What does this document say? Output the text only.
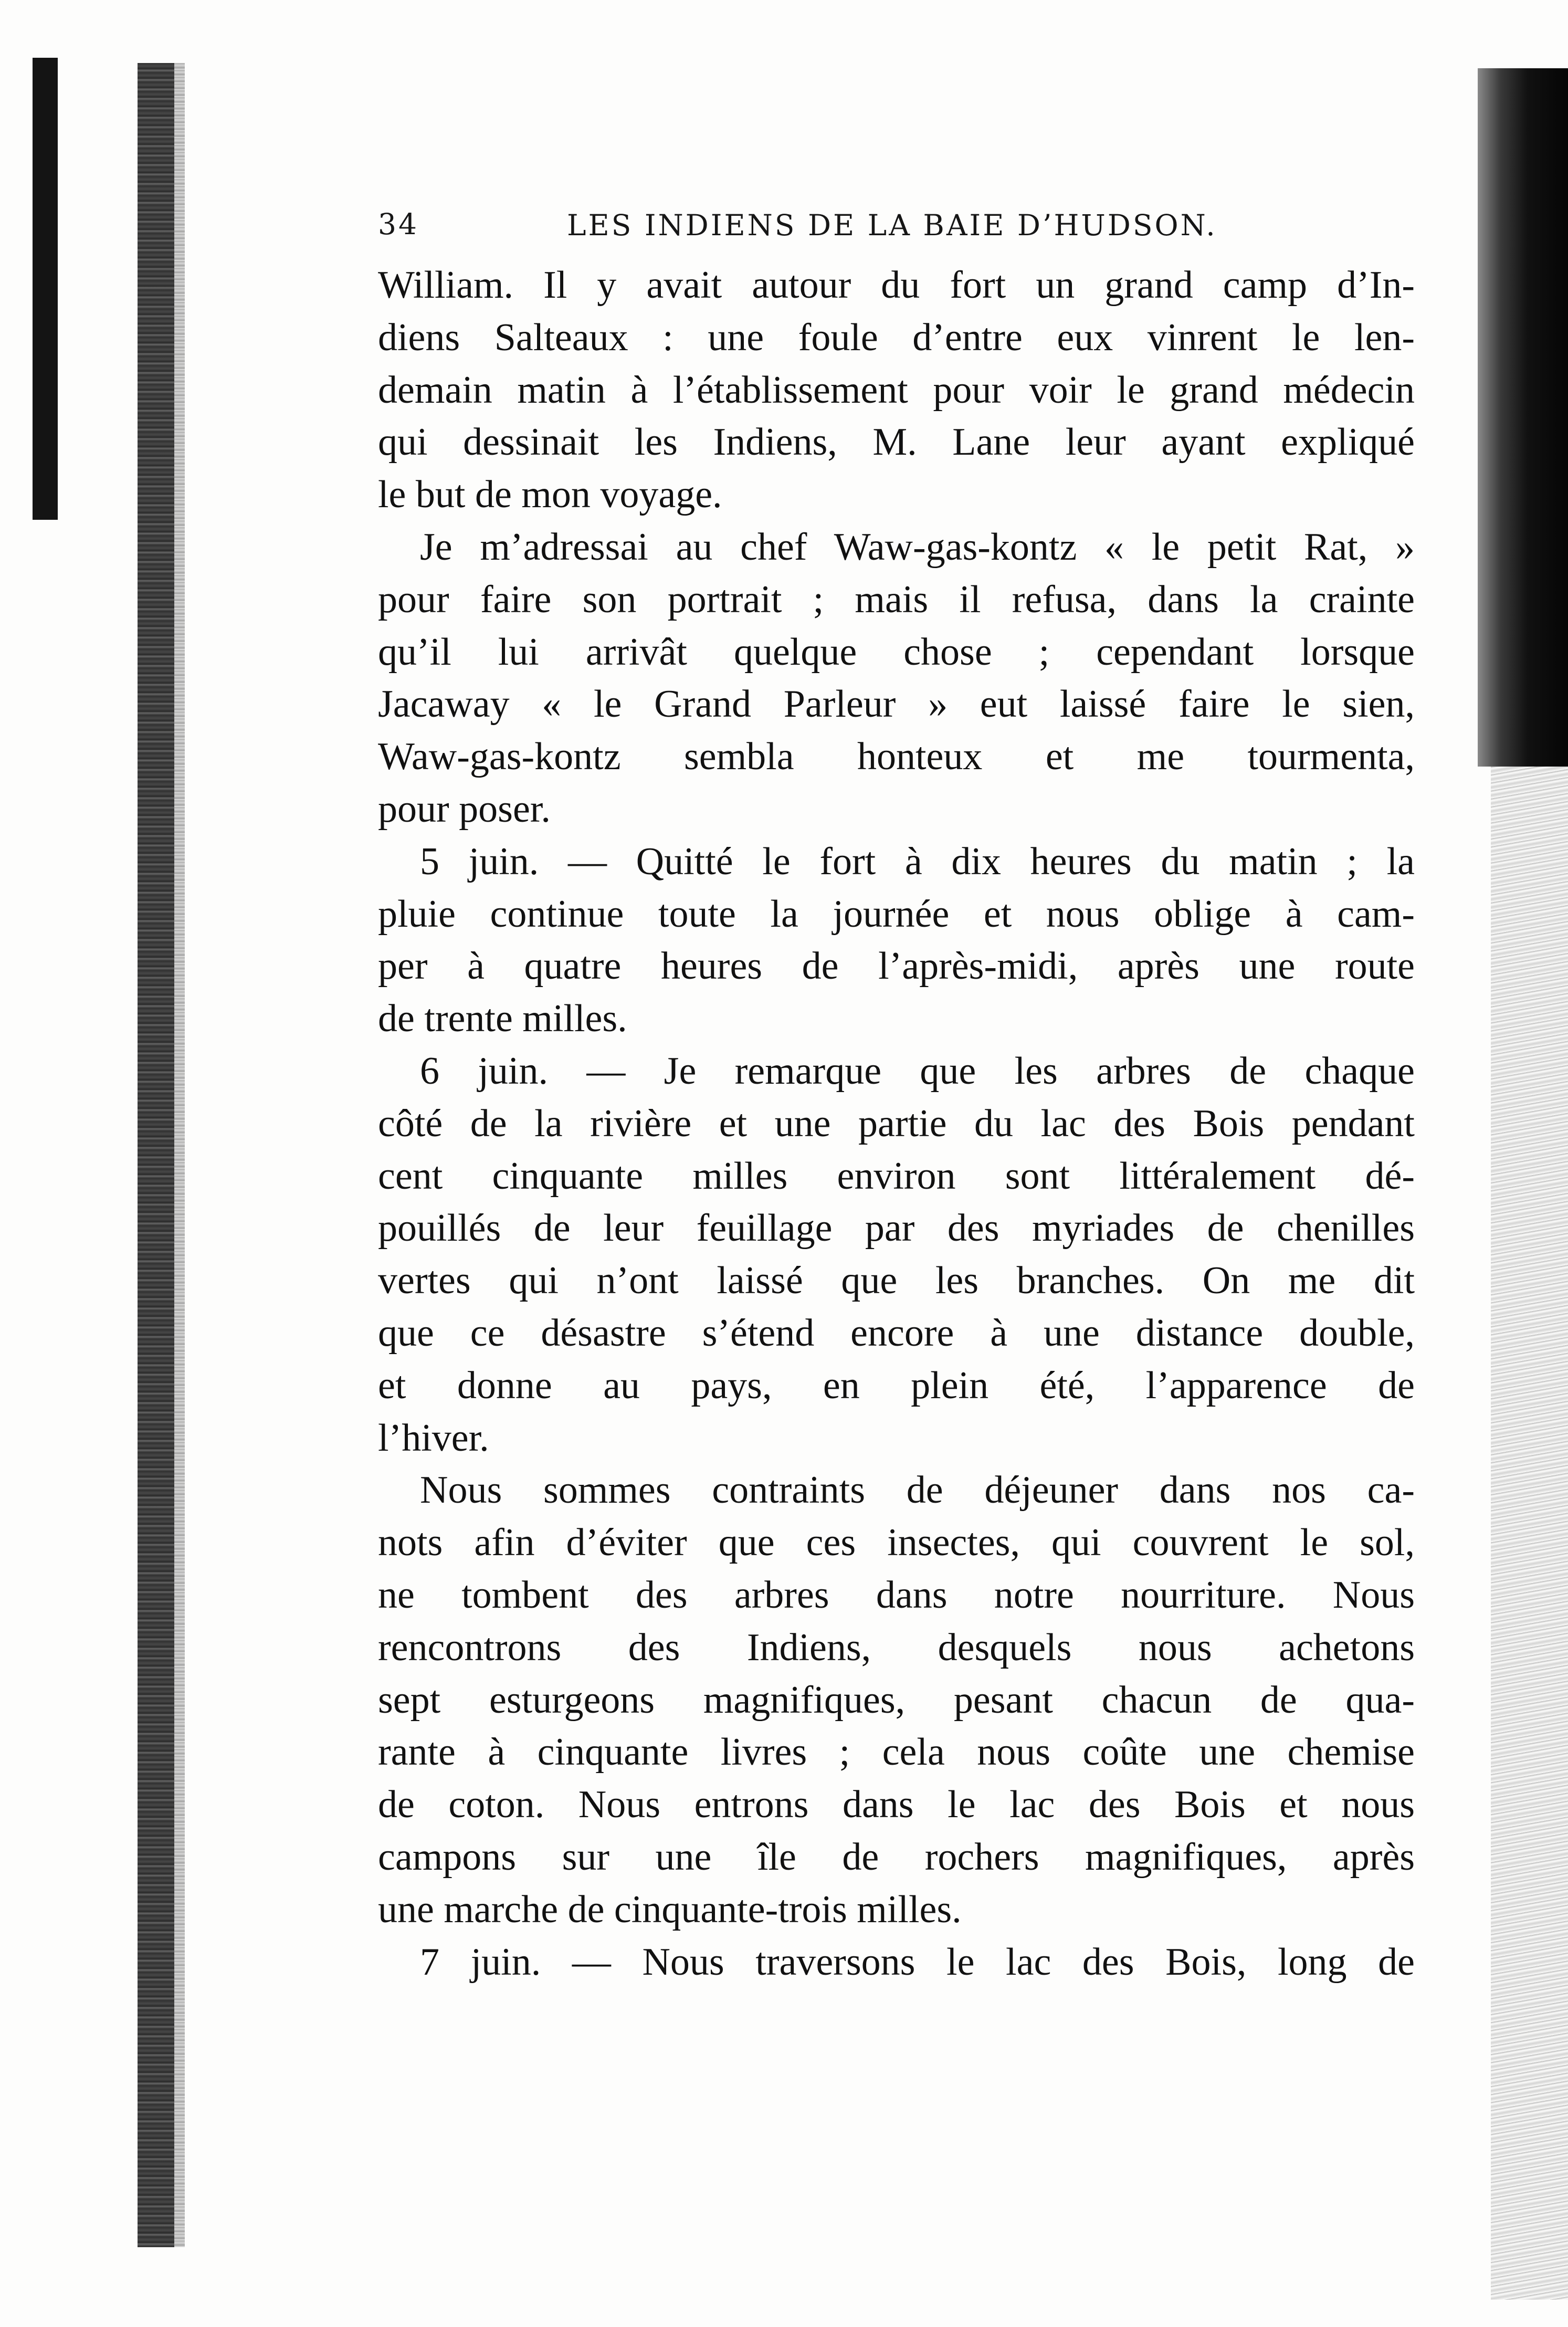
34	LES INDIENS DE LA BAIE D’HUDSON.
William. Il y avait autour du fort un grand camp d’In-
diens Salteaux : une foule d’entre eux vinrent le len-
demain matin à l’établissement pour voir le grand médecin
qui dessinait les Indiens, M. Lane leur ayant expliqué
le but de mon voyage.
Je m’adressai au chef Waw-gas-kontz « le petit Rat, »
pour faire son portrait ; mais il refusa, dans la crainte
qu’il lui arrivât quelque chose ; cependant lorsque
Jacaway « le Grand Parleur » eut laissé faire le sien,
Waw-gas-kontz sembla honteux et me tourmenta,
pour poser.
5 juin. — Quitté le fort à dix heures du matin ; la
pluie continue toute la journée et nous oblige à cam-
per à quatre heures de l’après-midi, après une route
de trente milles.
6 juin. — Je remarque que les arbres de chaque
côté de la rivière et une partie du lac des Bois pendant
cent cinquante milles environ sont littéralement dé-
pouillés de leur feuillage par des myriades de chenilles
vertes qui n’ont laissé que les branches. On me dit
que ce désastre s’étend encore à une distance double,
et donne au pays, en plein été, l’apparence de
l’hiver.
Nous sommes contraints de déjeuner dans nos ca-
nots afin d’éviter que ces insectes, qui couvrent le sol,
ne tombent des arbres dans notre nourriture. Nous
rencontrons des Indiens, desquels nous achetons
sept esturgeons magnifiques, pesant chacun de qua-
rante à cinquante livres ; cela nous coûte une chemise
de coton. Nous entrons dans le lac des Bois et nous
campons sur une île de rochers magnifiques, après
une marche de cinquante-trois milles.
7 juin. — Nous traversons le lac des Bois, long de
